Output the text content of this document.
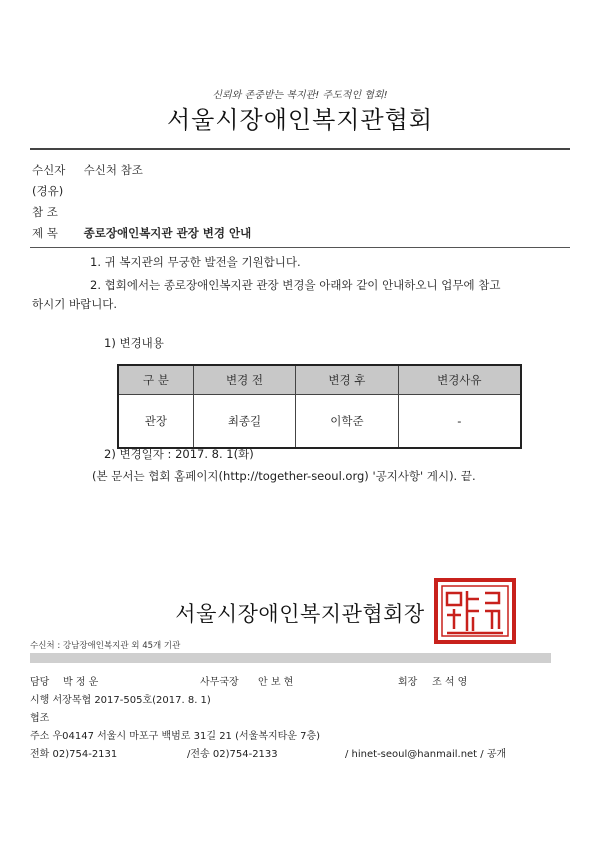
신뢰와 존중받는 복지관! 주도적인 협회!
서울시장애인복지관협회
수신자 수신처 참조
(경유)
참 조
제 목 종로장애인복지관 관장 변경 안내
1. 귀 복지관의 무궁한 발전을 기원합니다.
2. 협회에서는 종로장애인복지관 관장 변경을 아래와 같이 안내하오니 업무에 참고
하시기 바랍니다.
1) 변경내용
구 분	변경 전	변경 후	변경사유
관장	최종길	이학준	-
2) 변경일자 : 2017. 8. 1(화)
(본 문서는 협회 홈페이지(http://together-seoul.org) '공지사항' 게시). 끝.
서울시장애인복지관협회장
수신처 : 강남장애인복지관 외 45개 기관
담당 박 정 운	사무국장 안 보 현	회장 조 석 영
시행 서장목협 2017-505호(2017. 8. 1)
협조
주소 우04147 서울시 마포구 백범로 31길 21 (서울복지타운 7층)
전화 02)754-2131	/전송 02)754-2133	/ hinet-seoul@hanmail.net / 공개
